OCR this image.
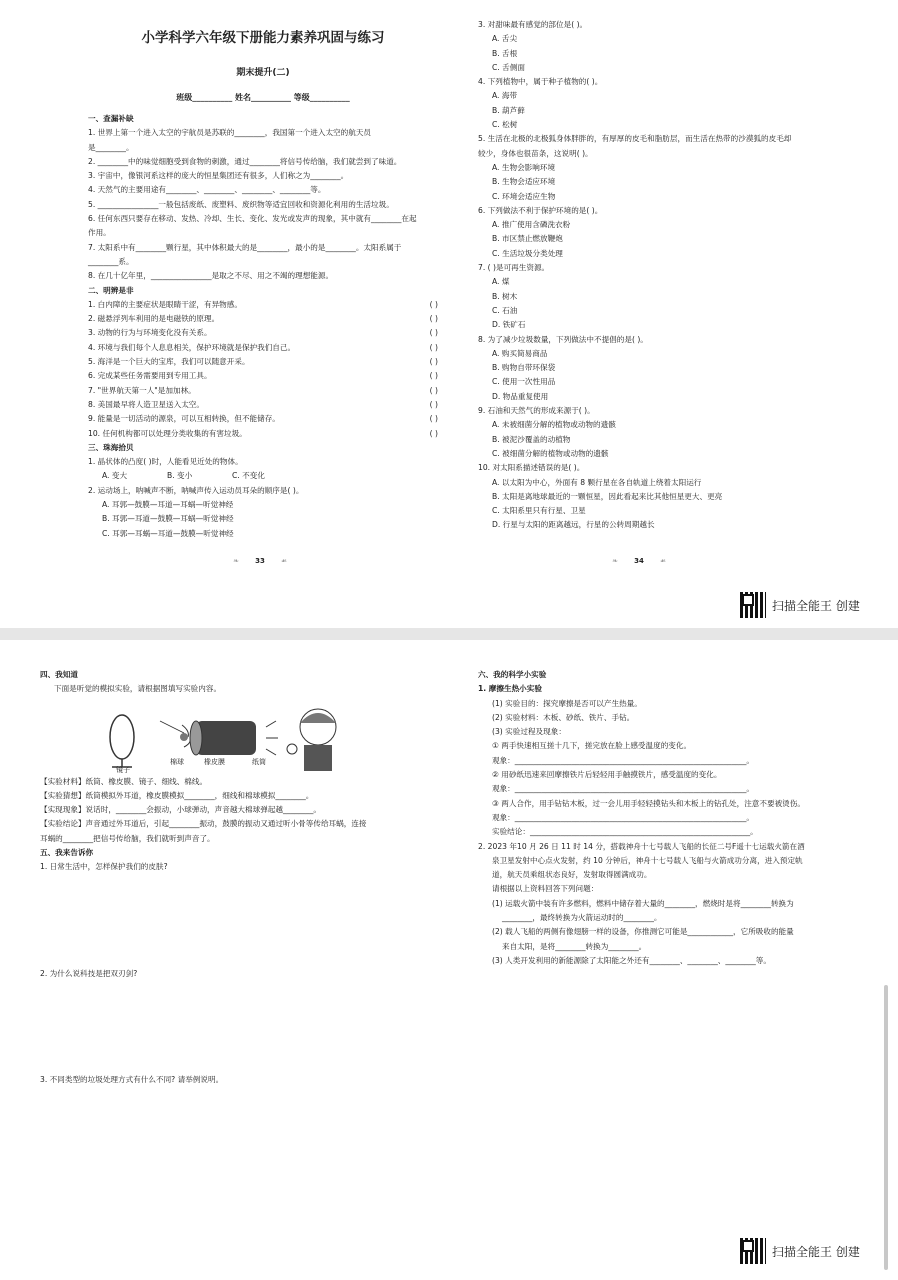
小学科学六年级下册能力素养巩固与练习
期末提升(二)
班级__________ 姓名__________ 等级__________
一、查漏补缺
1. 世界上第一个进入太空的宇航员是苏联的________，我国第一个进入太空的航天员
是________。
2. ________中的味觉细胞受到食物的刺激，通过________将信号传给脑，我们就尝到了味道。
3. 宇宙中，像银河系这样的庞大的恒星集团还有很多，人们称之为________。
4. 天然气的主要用途有________、________、________、________等。
5. ________________一般包括废纸、废塑料、废织物等适宜回收和资源化利用的生活垃圾。
6. 任何东西只要存在移动、发热、冷却、生长、变化、发光或发声的现象，其中就有________在起
作用。
7. 太阳系中有________颗行星，其中体积最大的是________，最小的是________。太阳系属于
________系。
8. 在几十亿年里，________________是取之不尽、用之不竭的理想能源。
二、明辨是非
1. 白内障的主要症状是眼睛干涩，有异物感。	( )
2. 磁悬浮列车利用的是电磁铁的原理。	( )
3. 动物的行为与环境变化没有关系。	( )
4. 环境与我们每个人息息相关，保护环境就是保护我们自己。	( )
5. 海洋是一个巨大的宝库，我们可以随意开采。	( )
6. 完成某些任务需要用到专用工具。	( )
7. "世界航天第一人"是加加林。	( )
8. 美国最早将人造卫星送入太空。	( )
9. 能量是一切活动的源泉，可以互相转换，但不能储存。	( )
10. 任何机构都可以处理分类收集的有害垃圾。	( )
三、珠海拾贝
1. 晶状体的凸度( )时，人能看见近处的物体。
A. 变大	B. 变小	C. 不变化
2. 运动场上，呐喊声不断，呐喊声传入运动员耳朵的顺序是( )。
A. 耳郭—鼓膜—耳道—耳蜗—听觉神经
B. 耳郭—耳道—鼓膜—耳蜗—听觉神经
C. 耳郭—耳蜗—耳道—鼓膜—听觉神经
❧ 33 ☙
3. 对甜味最有感觉的部位是( )。
A. 舌尖
B. 舌根
C. 舌侧面
4. 下列植物中，属于种子植物的( )。
A. 海带
B. 葫芦藓
C. 松树
5. 生活在北极的北极狐身体胖胖的，有厚厚的皮毛和脂肪层，而生活在热带的沙漠狐的皮毛却
较少，身体也很苗条，这说明( )。
A. 生物会影响环境
B. 生物会适应环境
C. 环境会适应生物
6. 下列做法不利于保护环境的是( )。
A. 推广使用含磷洗衣粉
B. 市区禁止燃放鞭炮
C. 生活垃圾分类处理
7. ( )是可再生资源。
A. 煤
B. 树木
C. 石油
D. 铁矿石
8. 为了减少垃圾数量，下列做法中不提倡的是( )。
A. 购买简易商品
B. 购物自带环保袋
C. 使用一次性用品
D. 物品重复使用
9. 石油和天然气的形成来源于( )。
A. 未被细菌分解的植物或动物的遗骸
B. 被泥沙覆盖的动植物
C. 被细菌分解的植物或动物的遗骸
10. 对太阳系描述错误的是( )。
A. 以太阳为中心，外面有 8 颗行星在各自轨道上绕着太阳运行
B. 太阳是离地球最近的一颗恒星，因此看起来比其他恒星更大、更亮
C. 太阳系里只有行星、卫星
D. 行星与太阳的距离越远，行星的公转周期越长
❧ 34 ☙
扫描全能王 创建
四、我知道
下面是听觉的模拟实验，请根据图填写实验内容。
镜子
棉球	橡皮膜	纸筒
【实验材料】纸筒、橡皮膜、镜子、细线、棉线。
【实验猜想】纸筒模拟外耳道，橡皮膜模拟________，细线和棉球模拟________。
【实现现象】说话时，________会振动，小球弹动，声音越大棉球弹起越________。
【实验结论】声音通过外耳道后，引起________振动，鼓膜的振动又通过听小骨等传给耳蜗，连接
耳蜗的________把信号传给脑，我们就听到声音了。
五、我来告诉你
1. 日常生活中，怎样保护我们的皮肤?
2. 为什么说科技是把双刃剑?
3. 不同类型的垃圾处理方式有什么不同? 请举例说明。
六、我的科学小实验
1. 摩擦生热小实验
(1) 实验目的：探究摩擦是否可以产生热量。
(2) 实验材料：木板、砂纸、铁片、手钻。
(3) 实验过程及现象：
① 两手快速相互搓十几下，搓完放在脸上感受温度的变化。
观象：_____________________________________________________________。
② 用砂纸迅速来回摩擦铁片后轻轻用手触摸铁片，感受温度的变化。
观象：_____________________________________________________________。
③ 两人合作，用手钻钻木板，过一会儿用手轻轻摸钻头和木板上的钻孔处，注意不要被烫伤。
观象：_____________________________________________________________。
实验结论：__________________________________________________________。
2. 2023 年10 月 26 日 11 时 14 分，搭载神舟十七号载人飞船的长征二号F遥十七运载火箭在酒
泉卫星发射中心点火发射，约 10 分钟后，神舟十七号载人飞船与火箭成功分离，进入预定轨
道，航天员乘组状态良好，发射取得圆满成功。
请根据以上资料回答下列问题：
(1) 运载火箭中装有许多燃料，燃料中储存着大量的________，燃烧时是将________转换为
________，最终转换为火箭运动时的________。
(2) 载人飞船的两侧有像翅膀一样的设备，你推测它可能是____________，它所吸收的能量
来自太阳，是将________转换为________。
(3) 人类开发利用的新能源除了太阳能之外还有________、________、________等。
扫描全能王 创建
